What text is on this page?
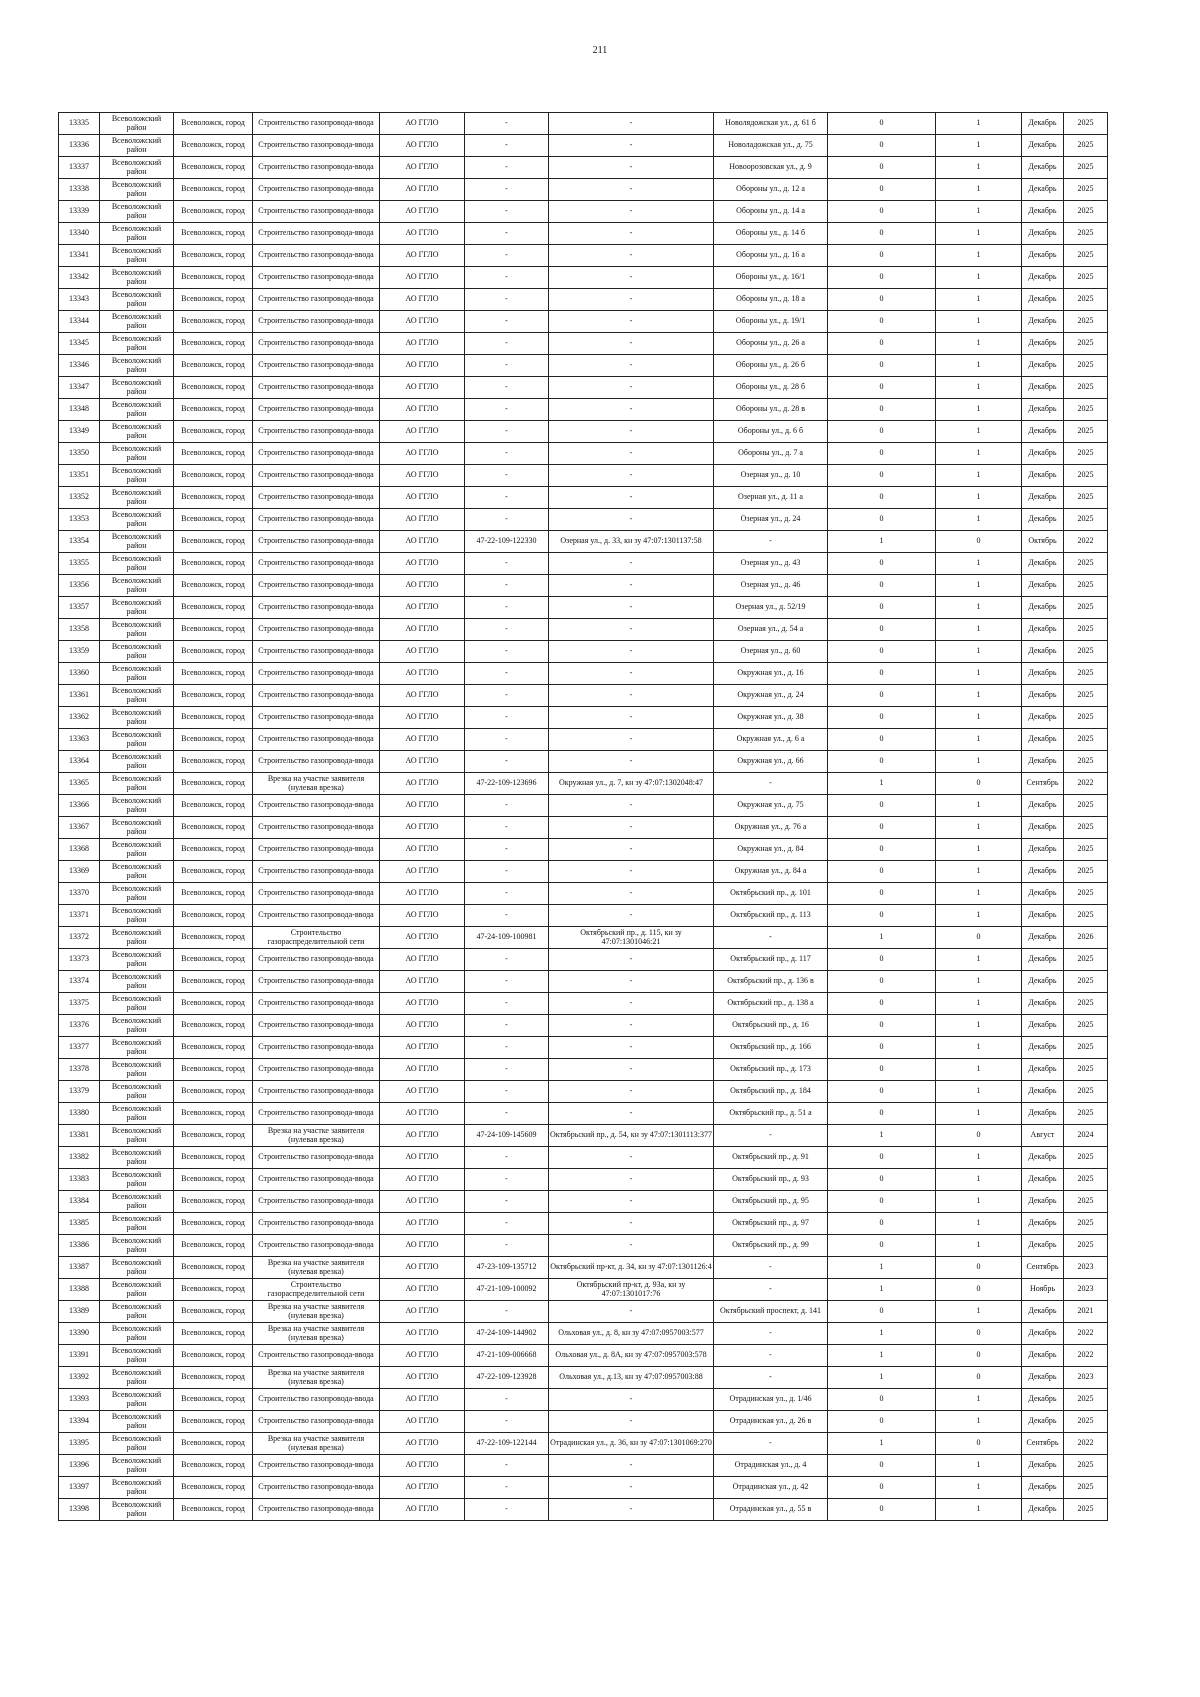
211
13335	Всеволожский район	Всеволожск, город	Строительство газопровода-ввода	АО ГГЛО	-	-	Новолядожская ул., д. 61 б	0	1	Декабрь	2025
13336	Всеволожский район	Всеволожск, город	Строительство газопровода-ввода	АО ГГЛО	-	-	Новоладожская ул., д. 75	0	1	Декабрь	2025
13337	Всеволожский район	Всеволожск, город	Строительство газопровода-ввода	АО ГГЛО	-	-	Новоорозовская ул., д. 9	0	1	Декабрь	2025
13338	Всеволожский район	Всеволожск, город	Строительство газопровода-ввода	АО ГГЛО	-	-	Обороны ул., д. 12 а	0	1	Декабрь	2025
13339	Всеволожский район	Всеволожск, город	Строительство газопровода-ввода	АО ГГЛО	-	-	Обороны ул., д. 14 а	0	1	Декабрь	2025
13340	Всеволожский район	Всеволожск, город	Строительство газопровода-ввода	АО ГГЛО	-	-	Обороны ул., д. 14 б	0	1	Декабрь	2025
13341	Всеволожский район	Всеволожск, город	Строительство газопровода-ввода	АО ГГЛО	-	-	Обороны ул., д. 16 а	0	1	Декабрь	2025
13342	Всеволожский район	Всеволожск, город	Строительство газопровода-ввода	АО ГГЛО	-	-	Обороны ул., д. 16/1	0	1	Декабрь	2025
13343	Всеволожский район	Всеволожск, город	Строительство газопровода-ввода	АО ГГЛО	-	-	Обороны ул., д. 18 а	0	1	Декабрь	2025
13344	Всеволожский район	Всеволожск, город	Строительство газопровода-ввода	АО ГГЛО	-	-	Обороны ул., д. 19/1	0	1	Декабрь	2025
13345	Всеволожский район	Всеволожск, город	Строительство газопровода-ввода	АО ГГЛО	-	-	Обороны ул., д. 26 а	0	1	Декабрь	2025
13346	Всеволожский район	Всеволожск, город	Строительство газопровода-ввода	АО ГГЛО	-	-	Обороны ул., д. 26 б	0	1	Декабрь	2025
13347	Всеволожский район	Всеволожск, город	Строительство газопровода-ввода	АО ГГЛО	-	-	Обороны ул., д. 28 б	0	1	Декабрь	2025
13348	Всеволожский район	Всеволожск, город	Строительство газопровода-ввода	АО ГГЛО	-	-	Обороны ул., д. 28 в	0	1	Декабрь	2025
13349	Всеволожский район	Всеволожск, город	Строительство газопровода-ввода	АО ГГЛО	-	-	Обороны ул., д. 6 б	0	1	Декабрь	2025
13350	Всеволожский район	Всеволожск, город	Строительство газопровода-ввода	АО ГГЛО	-	-	Обороны ул., д. 7 а	0	1	Декабрь	2025
13351	Всеволожский район	Всеволожск, город	Строительство газопровода-ввода	АО ГГЛО	-	-	Озерная ул., д. 10	0	1	Декабрь	2025
13352	Всеволожский район	Всеволожск, город	Строительство газопровода-ввода	АО ГГЛО	-	-	Озерная ул., д. 11 а	0	1	Декабрь	2025
13353	Всеволожский район	Всеволожск, город	Строительство газопровода-ввода	АО ГГЛО	-	-	Озерная ул., д. 24	0	1	Декабрь	2025
13354	Всеволожский район	Всеволожск, город	Строительство газопровода-ввода	АО ГГЛО	47-22-109-122330	Озерная ул., д. 33, кн зу 47:07:1301137:58	-	1	0	Октябрь	2022
13355	Всеволожский район	Всеволожск, город	Строительство газопровода-ввода	АО ГГЛО	-	-	Озерная ул., д. 43	0	1	Декабрь	2025
13356	Всеволожский район	Всеволожск, город	Строительство газопровода-ввода	АО ГГЛО	-	-	Озерная ул., д. 46	0	1	Декабрь	2025
13357	Всеволожский район	Всеволожск, город	Строительство газопровода-ввода	АО ГГЛО	-	-	Озерная ул., д. 52/19	0	1	Декабрь	2025
13358	Всеволожский район	Всеволожск, город	Строительство газопровода-ввода	АО ГГЛО	-	-	Озерная ул., д. 54 а	0	1	Декабрь	2025
13359	Всеволожский район	Всеволожск, город	Строительство газопровода-ввода	АО ГГЛО	-	-	Озерная ул., д. 60	0	1	Декабрь	2025
13360	Всеволожский район	Всеволожск, город	Строительство газопровода-ввода	АО ГГЛО	-	-	Окружная ул., д. 16	0	1	Декабрь	2025
13361	Всеволожский район	Всеволожск, город	Строительство газопровода-ввода	АО ГГЛО	-	-	Окружная ул., д. 24	0	1	Декабрь	2025
13362	Всеволожский район	Всеволожск, город	Строительство газопровода-ввода	АО ГГЛО	-	-	Окружная ул., д. 38	0	1	Декабрь	2025
13363	Всеволожский район	Всеволожск, город	Строительство газопровода-ввода	АО ГГЛО	-	-	Окружная ул., д. 6 а	0	1	Декабрь	2025
13364	Всеволожский район	Всеволожск, город	Строительство газопровода-ввода	АО ГГЛО	-	-	Окружная ул., д. 66	0	1	Декабрь	2025
13365	Всеволожский район	Всеволожск, город	Врезка на участке заявителя (нулевая врезка)	АО ГГЛО	47-22-109-123696	Окружная ул., д. 7, кн зу 47:07:1302048:47	-	1	0	Сентябрь	2022
13366	Всеволожский район	Всеволожск, город	Строительство газопровода-ввода	АО ГГЛО	-	-	Окружная ул., д. 75	0	1	Декабрь	2025
13367	Всеволожский район	Всеволожск, город	Строительство газопровода-ввода	АО ГГЛО	-	-	Окружная ул., д. 76 а	0	1	Декабрь	2025
13368	Всеволожский район	Всеволожск, город	Строительство газопровода-ввода	АО ГГЛО	-	-	Окружная ул., д. 84	0	1	Декабрь	2025
13369	Всеволожский район	Всеволожск, город	Строительство газопровода-ввода	АО ГГЛО	-	-	Окружная ул., д. 84 а	0	1	Декабрь	2025
13370	Всеволожский район	Всеволожск, город	Строительство газопровода-ввода	АО ГГЛО	-	-	Октябрьский пр., д. 101	0	1	Декабрь	2025
13371	Всеволожский район	Всеволожск, город	Строительство газопровода-ввода	АО ГГЛО	-	-	Октябрьский пр., д. 113	0	1	Декабрь	2025
13372	Всеволожский район	Всеволожск, город	Строительство газораспределительной сети	АО ГГЛО	47-24-109-100981	Октябрьский пр., д. 115, кн зу 47:07:1301046:21	-	1	0	Декабрь	2026
13373	Всеволожский район	Всеволожск, город	Строительство газопровода-ввода	АО ГГЛО	-	-	Октябрьский пр., д. 117	0	1	Декабрь	2025
13374	Всеволожский район	Всеволожск, город	Строительство газопровода-ввода	АО ГГЛО	-	-	Октябрьский пр., д. 136 в	0	1	Декабрь	2025
13375	Всеволожский район	Всеволожск, город	Строительство газопровода-ввода	АО ГГЛО	-	-	Октябрьский пр., д. 138 а	0	1	Декабрь	2025
13376	Всеволожский район	Всеволожск, город	Строительство газопровода-ввода	АО ГГЛО	-	-	Октябрьский пр., д. 16	0	1	Декабрь	2025
13377	Всеволожский район	Всеволожск, город	Строительство газопровода-ввода	АО ГГЛО	-	-	Октябрьский пр., д. 166	0	1	Декабрь	2025
13378	Всеволожский район	Всеволожск, город	Строительство газопровода-ввода	АО ГГЛО	-	-	Октябрьский пр., д. 173	0	1	Декабрь	2025
13379	Всеволожский район	Всеволожск, город	Строительство газопровода-ввода	АО ГГЛО	-	-	Октябрьский пр., д. 184	0	1	Декабрь	2025
13380	Всеволожский район	Всеволожск, город	Строительство газопровода-ввода	АО ГГЛО	-	-	Октябрьский пр., д. 51 а	0	1	Декабрь	2025
13381	Всеволожский район	Всеволожск, город	Врезка на участке заявителя (нулевая врезка)	АО ГГЛО	47-24-109-145609	Октябрьский пр., д. 54, кн зу 47:07:1301113:377	-	1	0	Август	2024
13382	Всеволожский район	Всеволожск, город	Строительство газопровода-ввода	АО ГГЛО	-	-	Октябрьский пр., д. 91	0	1	Декабрь	2025
13383	Всеволожский район	Всеволожск, город	Строительство газопровода-ввода	АО ГГЛО	-	-	Октябрьский пр., д. 93	0	1	Декабрь	2025
13384	Всеволожский район	Всеволожск, город	Строительство газопровода-ввода	АО ГГЛО	-	-	Октябрьский пр., д. 95	0	1	Декабрь	2025
13385	Всеволожский район	Всеволожск, город	Строительство газопровода-ввода	АО ГГЛО	-	-	Октябрьский пр., д. 97	0	1	Декабрь	2025
13386	Всеволожский район	Всеволожск, город	Строительство газопровода-ввода	АО ГГЛО	-	-	Октябрьский пр., д. 99	0	1	Декабрь	2025
13387	Всеволожский район	Всеволожск, город	Врезка на участке заявителя (нулевая врезка)	АО ГГЛО	47-23-109-135712	Октябрьский пр-кт, д. 34, кн зу 47:07:1301126:4	-	1	0	Сентябрь	2023
13388	Всеволожский район	Всеволожск, город	Строительство газораспределительной сети	АО ГГЛО	47-21-109-100092	Октябрьский пр-кт, д. 93а, кн зу 47:07:1301017:76	-	1	0	Ноябрь	2023
13389	Всеволожский район	Всеволожск, город	Врезка на участке заявителя (нулевая врезка)	АО ГГЛО	-	-	Октябрьский проспект, д. 141	0	1	Декабрь	2021
13390	Всеволожский район	Всеволожск, город	Врезка на участке заявителя (нулевая врезка)	АО ГГЛО	47-24-109-144902	Ольховая ул., д. 8, кн зу 47:07:0957003:577	-	1	0	Декабрь	2022
13391	Всеволожский район	Всеволожск, город	Строительство газопровода-ввода	АО ГГЛО	47-21-109-006668	Ольховая ул., д. 8А, кн зу 47:07:0957003:578	-	1	0	Декабрь	2022
13392	Всеволожский район	Всеволожск, город	Врезка на участке заявителя (нулевая врезка)	АО ГГЛО	47-22-109-123928	Ольховая ул., д.13, кн зу 47:07:0957003:88	-	1	0	Декабрь	2023
13393	Всеволожский район	Всеволожск, город	Строительство газопровода-ввода	АО ГГЛО	-	-	Отрадинская ул., д. 1/46	0	1	Декабрь	2025
13394	Всеволожский район	Всеволожск, город	Строительство газопровода-ввода	АО ГГЛО	-	-	Отрадинская ул., д. 26 в	0	1	Декабрь	2025
13395	Всеволожский район	Всеволожск, город	Врезка на участке заявителя (нулевая врезка)	АО ГГЛО	47-22-109-122144	Отрадинская ул., д. 36, кн зу 47:07:1301069:270	-	1	0	Сентябрь	2022
13396	Всеволожский район	Всеволожск, город	Строительство газопровода-ввода	АО ГГЛО	-	-	Отрадинская ул., д. 4	0	1	Декабрь	2025
13397	Всеволожский район	Всеволожск, город	Строительство газопровода-ввода	АО ГГЛО	-	-	Отрадинская ул., д. 42	0	1	Декабрь	2025
13398	Всеволожский район	Всеволожск, город	Строительство газопровода-ввода	АО ГГЛО	-	-	Отрадинская ул., д. 55 в	0	1	Декабрь	2025
